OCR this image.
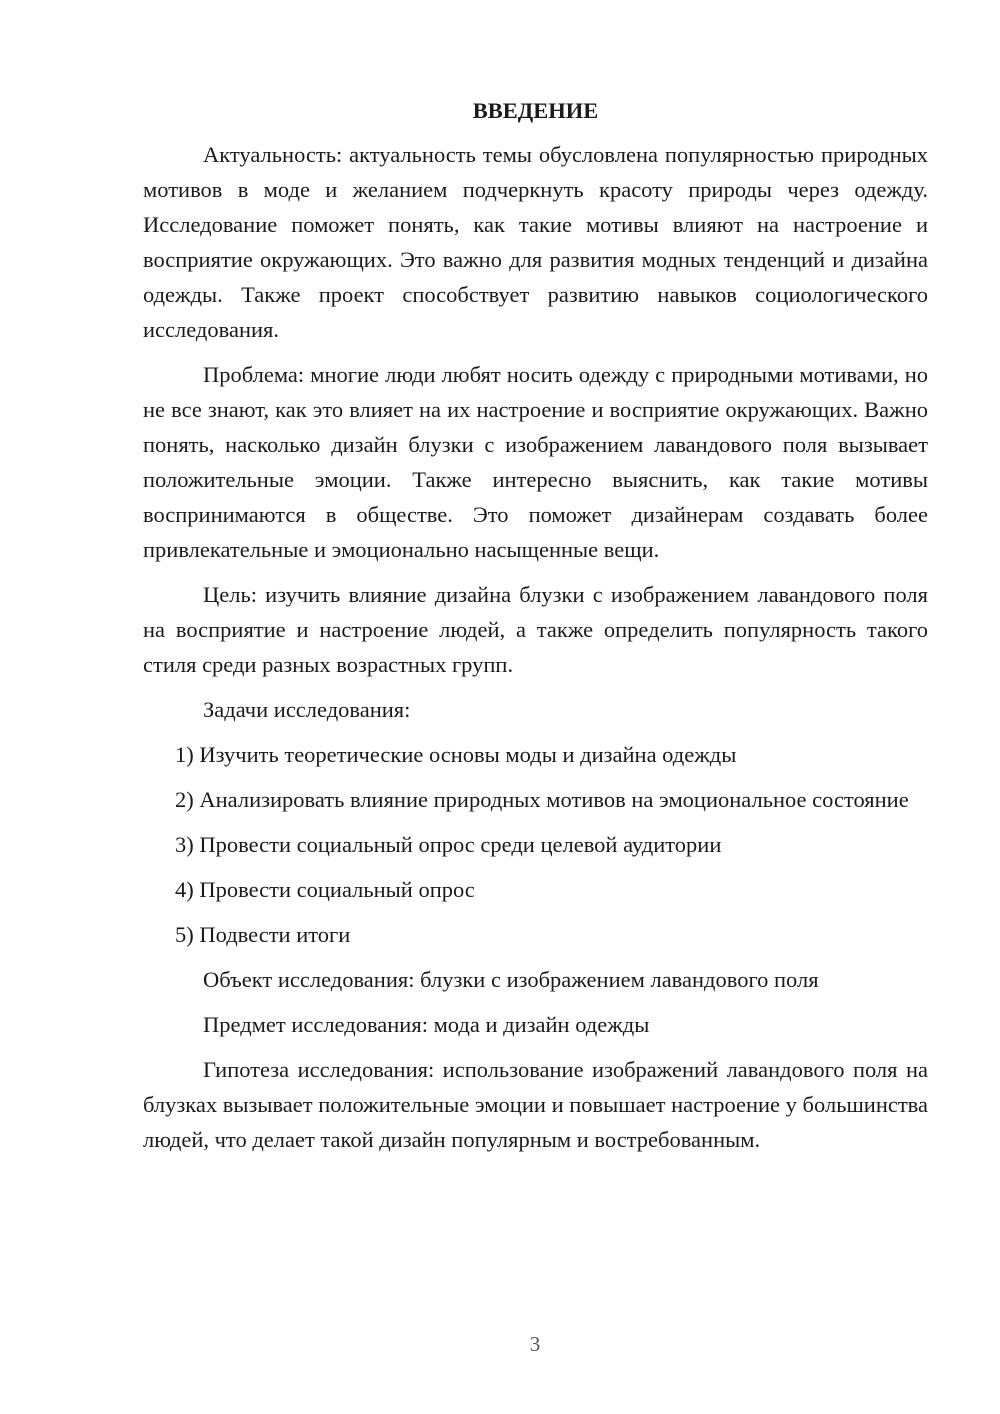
ВВЕДЕНИЕ

Актуальность: актуальность темы обусловлена популярностью природных мотивов в моде и желанием подчеркнуть красоту природы через одежду. Исследование поможет понять, как такие мотивы влияют на настроение и восприятие окружающих. Это важно для развития модных тенденций и дизайна одежды. Также проект способствует развитию навыков социологического исследования.

Проблема: многие люди любят носить одежду с природными мотивами, но не все знают, как это влияет на их настроение и восприятие окружающих. Важно понять, насколько дизайн блузки с изображением лавандового поля вызывает положительные эмоции. Также интересно выяснить, как такие мотивы воспринимаются в обществе. Это поможет дизайнерам создавать более привлекательные и эмоционально насыщенные вещи.

Цель: изучить влияние дизайна блузки с изображением лавандового поля на восприятие и настроение людей, а также определить популярность такого стиля среди разных возрастных групп.

Задачи исследования:

1) Изучить теоретические основы моды и дизайна одежды

2) Анализировать влияние природных мотивов на эмоциональное состояние

3) Провести социальный опрос среди целевой аудитории

4) Провести социальный опрос

5) Подвести итоги

Объект исследования: блузки с изображением лавандового поля

Предмет исследования: мода и дизайн одежды

Гипотеза исследования: использование изображений лавандового поля на блузках вызывает положительные эмоции и повышает настроение у большинства людей, что делает такой дизайн популярным и востребованным.

3
